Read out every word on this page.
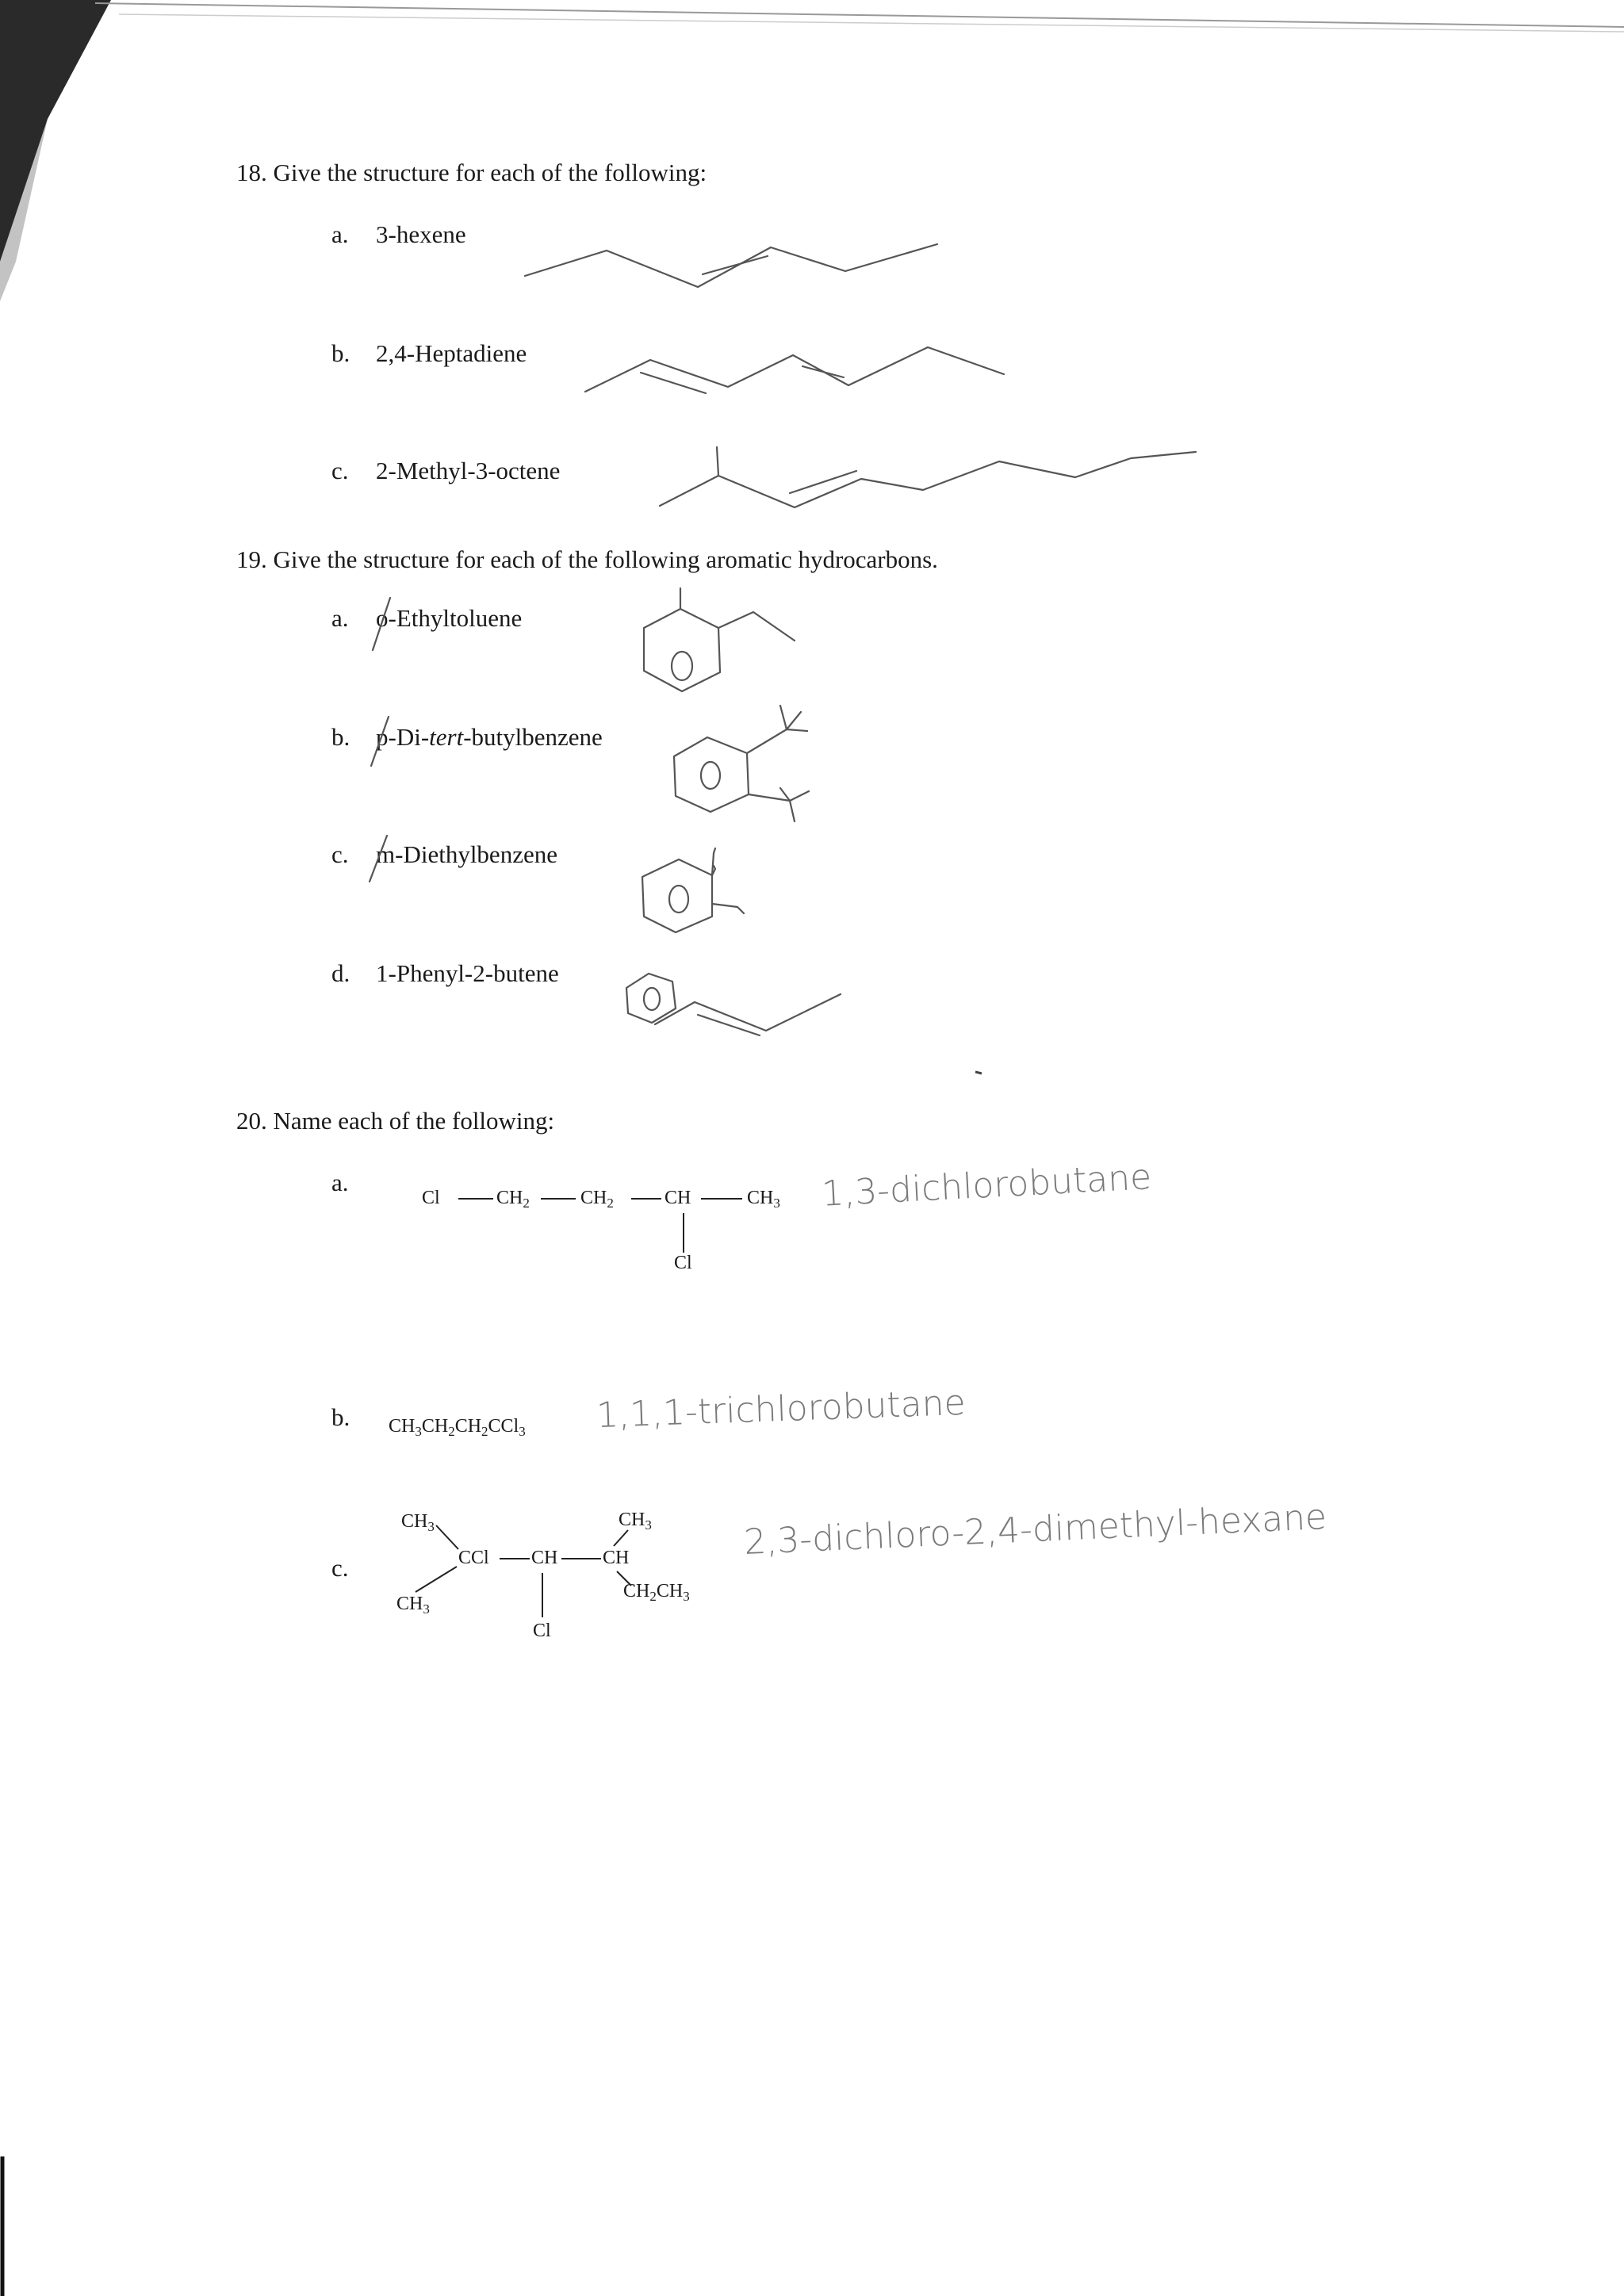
18. Give the structure for each of the following:
a. 3-hexene
b. 2,4-Heptadiene
c. 2-Methyl-3-octene
19. Give the structure for each of the following aromatic hydrocarbons.
a. o-Ethyltoluene
b. p-Di-tert-butylbenzene
c. m-Diethylbenzene
d. 1-Phenyl-2-butene
20. Name each of the following:
a.
Cl	$CH_2$	$CH_2$	CH	$CH_3$
Cl
1,3-dichlorobutane
b. $CH_3CH_2CH_2CCl_3$ 1,1,1-trichlorobutane
c.
$CH_3$
$CH_3$
CCl CH CH
$CH_3$
$CH_2CH_3$
Cl
2,3-dichloro-2,4-dimethyl-hexane
